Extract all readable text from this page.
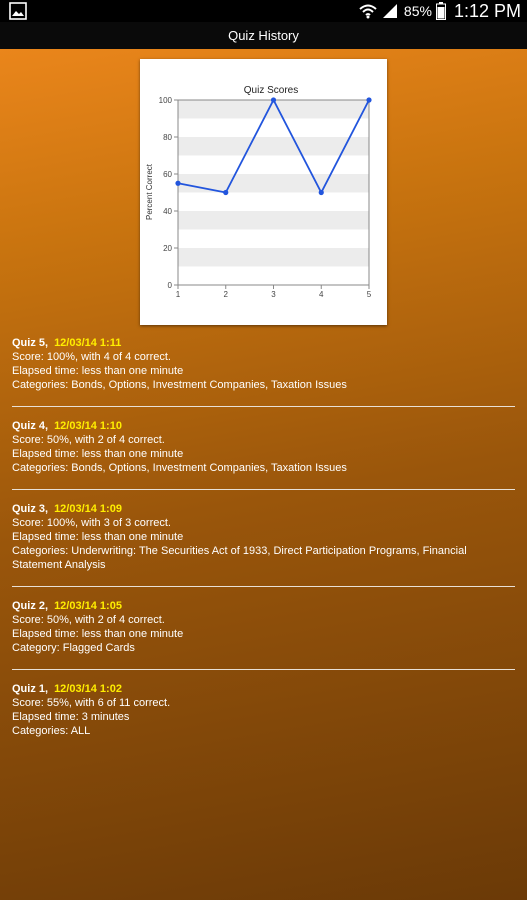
85% 1:12 PM
Quiz History
0
20
40
60
80
100
1	2	3	4	5
Quiz Scores
Percent Correct
Quiz 5, 12/03/14 1:11
Score: 100%, with 4 of 4 correct.
Elapsed time: less than one minute
Categories: Bonds, Options, Investment Companies, Taxation Issues
Quiz 4, 12/03/14 1:10
Score: 50%, with 2 of 4 correct.
Elapsed time: less than one minute
Categories: Bonds, Options, Investment Companies, Taxation Issues
Quiz 3, 12/03/14 1:09
Score: 100%, with 3 of 3 correct.
Elapsed time: less than one minute
Categories: Underwriting: The Securities Act of 1933, Direct Participation Programs, Financial Statement Analysis
Quiz 2, 12/03/14 1:05
Score: 50%, with 2 of 4 correct.
Elapsed time: less than one minute
Category: Flagged Cards
Quiz 1, 12/03/14 1:02
Score: 55%, with 6 of 11 correct.
Elapsed time: 3 minutes
Categories: ALL
